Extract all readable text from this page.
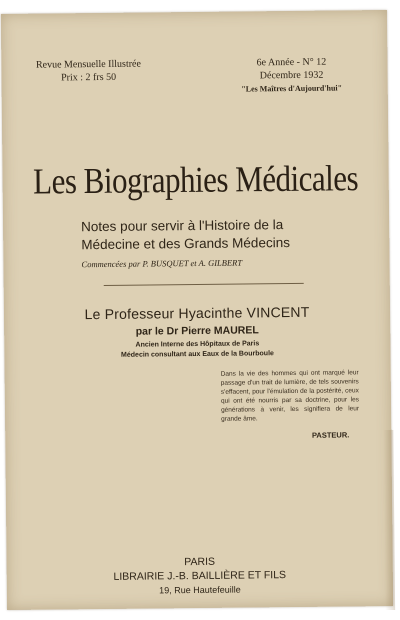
Revue Mensuelle Illustrée
Prix : 2 frs 50
6e Année - N° 12
Décembre 1932
"Les Maîtres d'Aujourd'hui"
Les Biographies Médicales
Notes pour servir à l'Histoire de la
Médecine et des Grands Médecins
Commencées par P. BUSQUET et A. GILBERT
Le Professeur Hyacinthe VINCENT
par le Dr Pierre MAUREL
Ancien Interne des Hôpitaux de Paris
Médecin consultant aux Eaux de la Bourboule
Dans la vie des hommes qui ont marqué leur passage d'un trait de lumière, de tels souvenirs s'effacent, pour l'émulation de la postérité, ceux qui ont été nourris par sa doctrine, pour les générations à venir, les signifiera de leur grande âme.
PASTEUR.
PARIS
LIBRAIRIE J.-B. BAILLIÈRE ET FILS
19, Rue Hautefeuille
